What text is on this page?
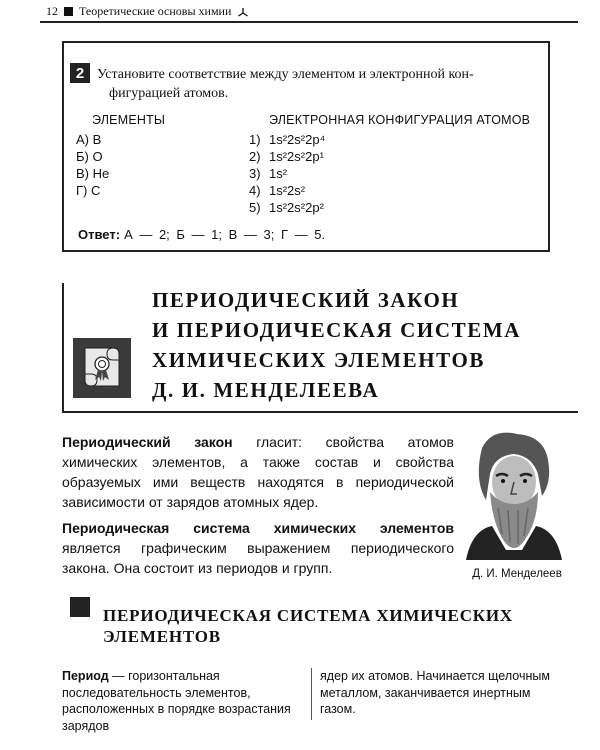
12 Теоретические основы химии
2 Установите соответствие между элементом и электронной кон-
фигурацией атомов.
ЭЛЕМЕНТЫ	ЭЛЕКТРОННАЯ КОНФИГУРАЦИЯ АТОМОВ
А) B
Б) O
В) He
Г) C
1) 1s²2s²2p⁴
2) 1s²2s²2p¹
3) 1s²
4) 1s²2s²
5) 1s²2s²2p²
Ответ: А — 2; Б — 1; В — 3; Г — 5.
ПЕРИОДИЧЕСКИЙ ЗАКОН
И ПЕРИОДИЧЕСКАЯ СИСТЕМА
ХИМИЧЕСКИХ ЭЛЕМЕНТОВ
Д. И. МЕНДЕЛЕЕВА

Периодический закон гласит: свойства атомов химических элементов, а также состав и свойства образуемых ими веществ находятся в периодической зависимости от зарядов атомных ядер.

Периодическая система химических элементов является графическим выражением периодического закона. Она состоит из периодов и групп.	Д. И. Менделеев
ПЕРИОДИЧЕСКАЯ СИСТЕМА ХИМИЧЕСКИХ
ЭЛЕМЕНТОВ

Период — горизонтальная последовательность элементов, расположенных в порядке возрастания зарядов

ядер их атомов. Начинается щелочным металлом, заканчивается инертным газом.
